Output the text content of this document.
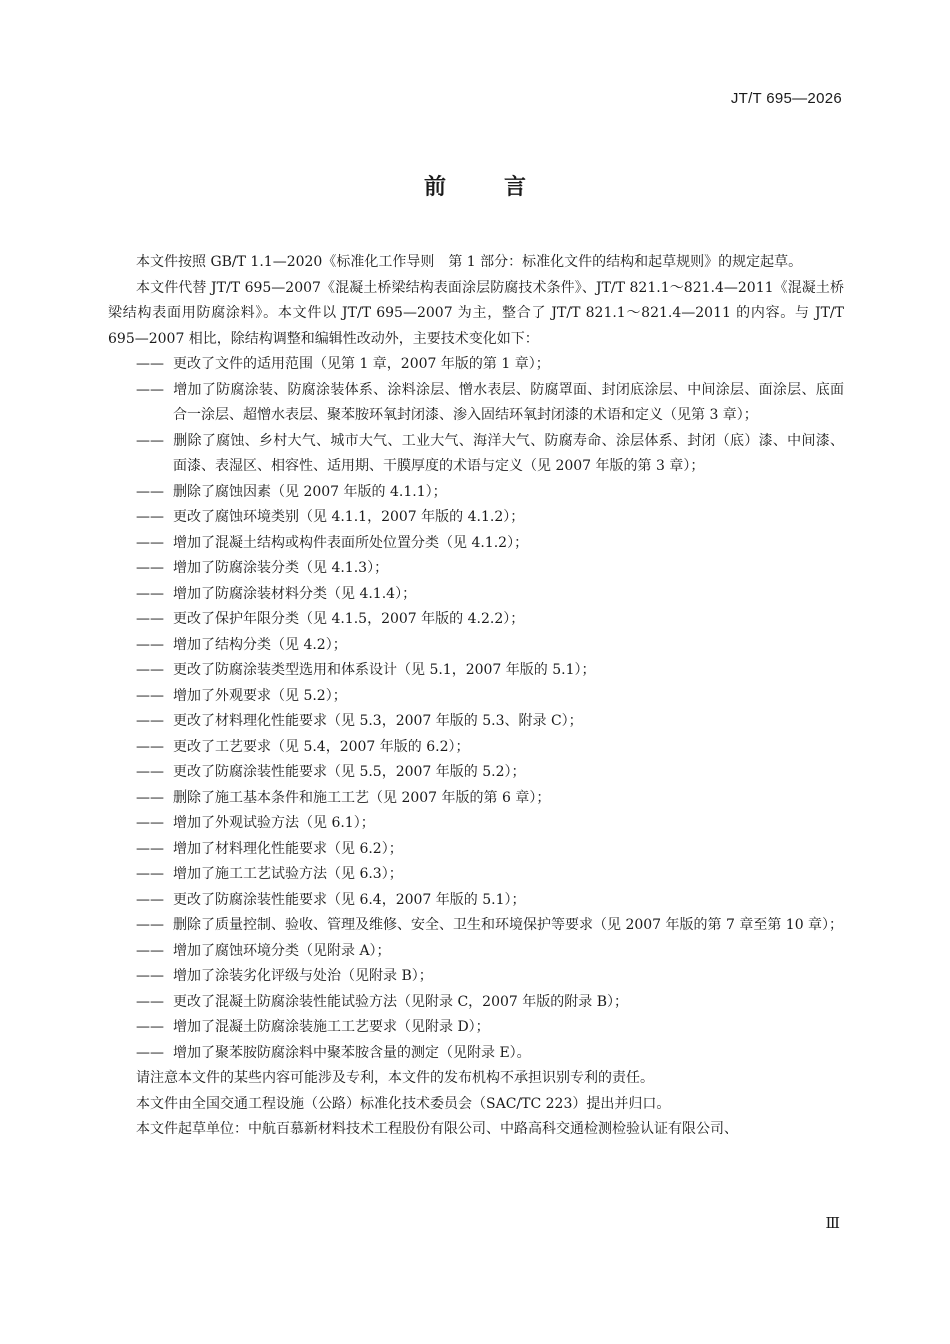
JT/T 695—2026
前	言

本文件按照 GB/T 1.1—2020《标准化工作导则　第 1 部分：标准化文件的结构和起草规则》的规定起草。

本文件代替 JT/T 695—2007《混凝土桥梁结构表面涂层防腐技术条件》、JT/T 821.1～821.4—2011《混凝土桥梁结构表面用防腐涂料》。本文件以 JT/T 695—2007 为主，整合了 JT/T 821.1～821.4—2011 的内容。与 JT/T 695—2007 相比，除结构调整和编辑性改动外，主要技术变化如下：

—— 更改了文件的适用范围（见第 1 章，2007 年版的第 1 章）；

—— 增加了防腐涂装、防腐涂装体系、涂料涂层、憎水表层、防腐罩面、封闭底涂层、中间涂层、面涂层、底面合一涂层、超憎水表层、聚苯胺环氧封闭漆、渗入固结环氧封闭漆的术语和定义（见第 3 章）；

—— 删除了腐蚀、乡村大气、城市大气、工业大气、海洋大气、防腐寿命、涂层体系、封闭（底）漆、中间漆、面漆、表湿区、相容性、适用期、干膜厚度的术语与定义（见 2007 年版的第 3 章）；

—— 删除了腐蚀因素（见 2007 年版的 4.1.1）；

—— 更改了腐蚀环境类别（见 4.1.1，2007 年版的 4.1.2）；

—— 增加了混凝土结构或构件表面所处位置分类（见 4.1.2）；

—— 增加了防腐涂装分类（见 4.1.3）；

—— 增加了防腐涂装材料分类（见 4.1.4）；

—— 更改了保护年限分类（见 4.1.5，2007 年版的 4.2.2）；

—— 增加了结构分类（见 4.2）；

—— 更改了防腐涂装类型选用和体系设计（见 5.1，2007 年版的 5.1）；

—— 增加了外观要求（见 5.2）；

—— 更改了材料理化性能要求（见 5.3，2007 年版的 5.3、附录 C）；

—— 更改了工艺要求（见 5.4，2007 年版的 6.2）；

—— 更改了防腐涂装性能要求（见 5.5，2007 年版的 5.2）；

—— 删除了施工基本条件和施工工艺（见 2007 年版的第 6 章）；

—— 增加了外观试验方法（见 6.1）；

—— 增加了材料理化性能要求（见 6.2）；

—— 增加了施工工艺试验方法（见 6.3）；

—— 更改了防腐涂装性能要求（见 6.4，2007 年版的 5.1）；

—— 删除了质量控制、验收、管理及维修、安全、卫生和环境保护等要求（见 2007 年版的第 7 章至第 10 章）；

—— 增加了腐蚀环境分类（见附录 A）；

—— 增加了涂装劣化评级与处治（见附录 B）；

—— 更改了混凝土防腐涂装性能试验方法（见附录 C，2007 年版的附录 B）；

—— 增加了混凝土防腐涂装施工工艺要求（见附录 D）；

—— 增加了聚苯胺防腐涂料中聚苯胺含量的测定（见附录 E）。

请注意本文件的某些内容可能涉及专利，本文件的发布机构不承担识别专利的责任。

本文件由全国交通工程设施（公路）标准化技术委员会（SAC/TC 223）提出并归口。

本文件起草单位：中航百慕新材料技术工程股份有限公司、中路高科交通检测检验认证有限公司、

Ⅲ
